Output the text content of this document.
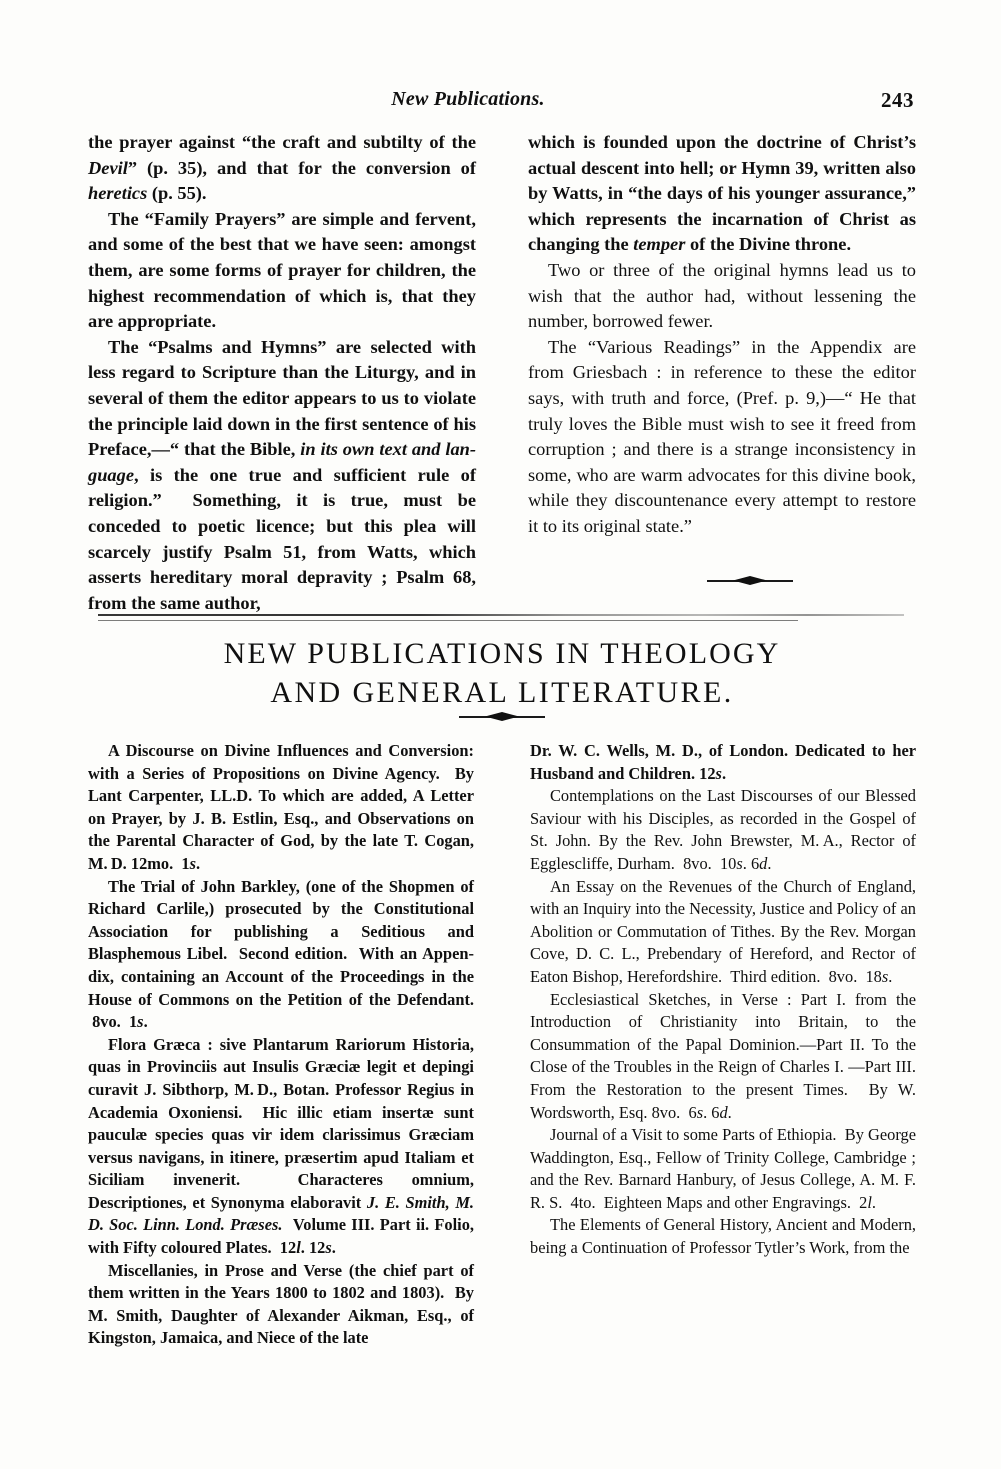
New Publications.	243

the prayer against “the craft and subtilty of the Devil” (p. 35), and that for the conversion of heretics (p. 55).

The “Family Prayers” are simple and fervent, and some of the best that we have seen: amongst them, are some forms of prayer for children, the highest recommendation of which is, that they are appropriate.

The “Psalms and Hymns” are selected with less regard to Scripture than the Liturgy, and in several of them the editor appears to us to violate the principle laid down in the first sentence of his Preface,—“ that the Bible, in its own text and language, is the one true and sufficient rule of religion.”  Something, it is true, must be conceded to poetic licence; but this plea will scarcely justify Psalm 51, from Watts, which asserts hereditary moral depravity ; Psalm 68, from the same author,

which is founded upon the doctrine of Christ’s actual descent into hell; or Hymn 39, written also by Watts, in “the days of his younger assurance,” which represents the incarnation of Christ as changing the temper of the Divine throne.

Two or three of the original hymns lead us to wish that the author had, without lessening the number, borrowed fewer.

The “Various Readings” in the Appendix are from Griesbach : in reference to these the editor says, with truth and force, (Pref. p. 9,)—“ He that truly loves the Bible must wish to see it freed from corruption ; and there is a strange inconsistency in some, who are warm advocates for this divine book, while they discountenance every attempt to restore it to its original state.”

NEW PUBLICATIONS IN THEOLOGY
AND GENERAL LITERATURE.

A Discourse on Divine Influences and Conversion: with a Series of Propositions on Divine Agency.  By Lant Carpenter, LL.D. To which are added, A Letter on Prayer, by J. B. Estlin, Esq., and Observations on the Parental Character of God, by the late T. Cogan, M. D. 12mo.  1s.

The Trial of John Barkley, (one of the Shopmen of Richard Carlile,) prosecuted by the Constitutional Association for publishing a Seditious and Blasphemous Libel.  Second edition.  With an Appendix, containing an Account of the Proceedings in the House of Commons on the Petition of the Defendant.  8vo.  1s.

Flora Græca : sive Plantarum Rariorum Historia, quas in Provinciis aut Insulis Græciæ legit et depingi curavit J. Sibthorp, M. D., Botan. Professor Regius in Academia Oxoniensi.  Hic illic etiam insertæ sunt pauculæ species quas vir idem clarissimus Græciam versus navigans, in itinere, præsertim apud Italiam et Siciliam invenerit.  Characteres omnium, Descriptiones, et Synonyma elaboravit J. E. Smith, M. D. Soc. Linn. Lond. Præses.  Volume III. Part ii. Folio, with Fifty coloured Plates.  12l. 12s.

Miscellanies, in Prose and Verse (the chief part of them written in the Years 1800 to 1802 and 1803).  By M. Smith, Daughter of Alexander Aikman, Esq., of Kingston, Jamaica, and Niece of the late

Dr. W. C. Wells, M. D., of London. Dedicated to her Husband and Children. 12s.

Contemplations on the Last Discourses of our Blessed Saviour with his Disciples, as recorded in the Gospel of St. John. By the Rev. John Brewster, M. A., Rector of Egglescliffe, Durham.  8vo.  10s. 6d.

An Essay on the Revenues of the Church of England, with an Inquiry into the Necessity, Justice and Policy of an Abolition or Commutation of Tithes. By the Rev. Morgan Cove, D. C. L., Prebendary of Hereford, and Rector of Eaton Bishop, Herefordshire.  Third edition.  8vo.  18s.

Ecclesiastical Sketches, in Verse : Part I. from the Introduction of Christianity into Britain, to the Consummation of the Papal Dominion.—Part II. To the Close of the Troubles in the Reign of Charles I. —Part III. From the Restoration to the present Times.  By W. Wordsworth, Esq. 8vo.  6s. 6d.

Journal of a Visit to some Parts of Ethiopia.  By George Waddington, Esq., Fellow of Trinity College, Cambridge ; and the Rev. Barnard Hanbury, of Jesus College, A. M. F. R. S.  4to.  Eighteen Maps and other Engravings.  2l.

The Elements of General History, Ancient and Modern, being a Continuation of Professor Tytler’s Work, from the
